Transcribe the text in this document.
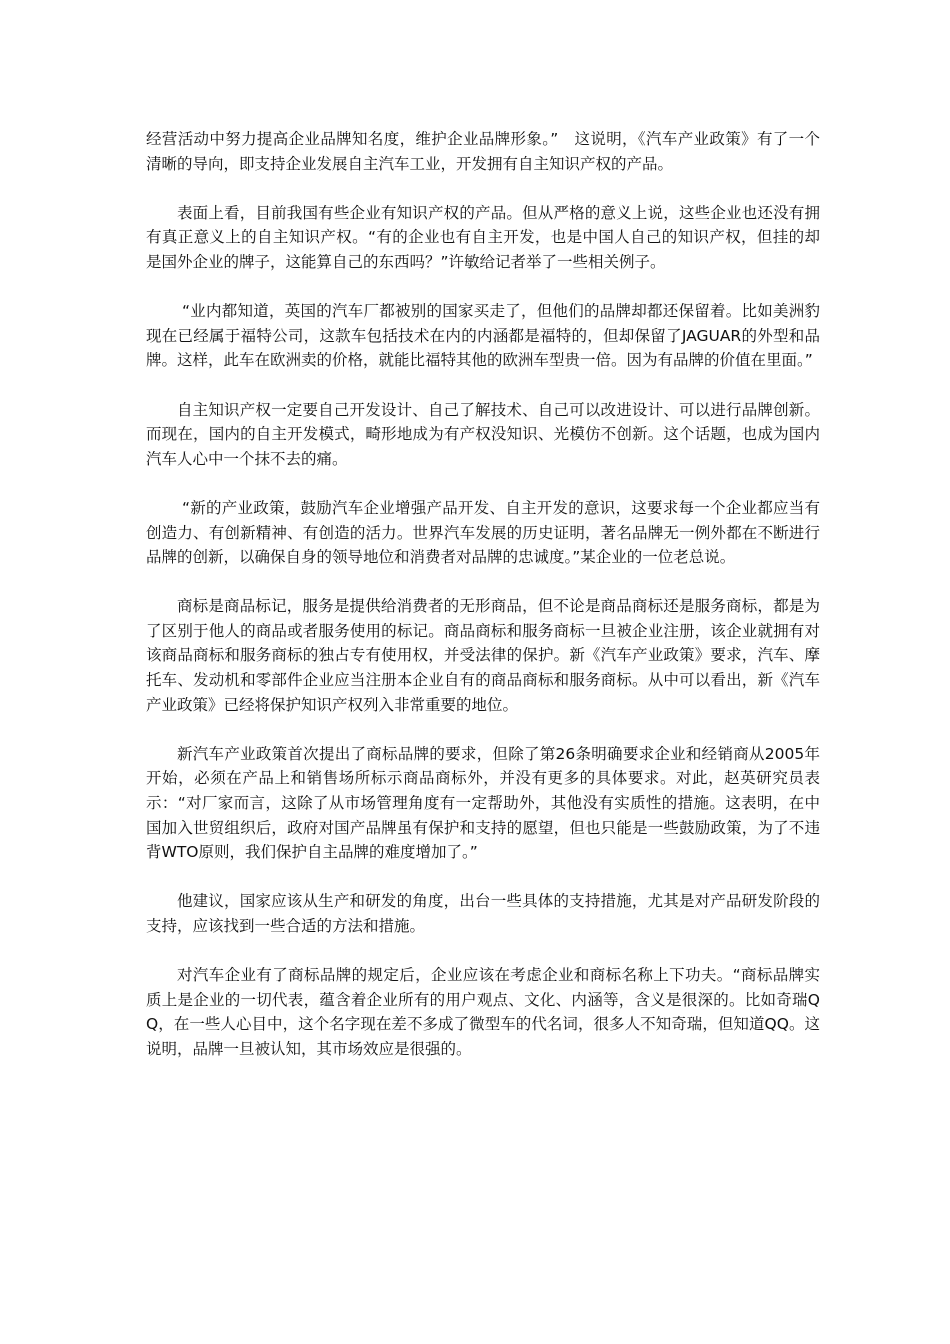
经营活动中努力提高企业品牌知名度，维护企业品牌形象。”　这说明，《汽车产业政策》有了一个清晰的导向，即支持企业发展自主汽车工业，开发拥有自主知识产权的产品。

表面上看，目前我国有些企业有知识产权的产品。但从严格的意义上说，这些企业也还没有拥有真正意义上的自主知识产权。“有的企业也有自主开发，也是中国人自己的知识产权，但挂的却是国外企业的牌子，这能算自己的东西吗？”许敏给记者举了一些相关例子。

“业内都知道，英国的汽车厂都被别的国家买走了，但他们的品牌却都还保留着。比如美洲豹现在已经属于福特公司，这款车包括技术在内的内涵都是福特的，但却保留了JAGUAR的外型和品牌。这样，此车在欧洲卖的价格，就能比福特其他的欧洲车型贵一倍。因为有品牌的价值在里面。”

自主知识产权一定要自己开发设计、自己了解技术、自己可以改进设计、可以进行品牌创新。而现在，国内的自主开发模式，畸形地成为有产权没知识、光模仿不创新。这个话题，也成为国内汽车人心中一个抹不去的痛。

“新的产业政策，鼓励汽车企业增强产品开发、自主开发的意识，这要求每一个企业都应当有创造力、有创新精神、有创造的活力。世界汽车发展的历史证明，著名品牌无一例外都在不断进行品牌的创新，以确保自身的领导地位和消费者对品牌的忠诚度。”某企业的一位老总说。

商标是商品标记，服务是提供给消费者的无形商品，但不论是商品商标还是服务商标，都是为了区别于他人的商品或者服务使用的标记。商品商标和服务商标一旦被企业注册，该企业就拥有对该商品商标和服务商标的独占专有使用权，并受法律的保护。新《汽车产业政策》要求，汽车、摩托车、发动机和零部件企业应当注册本企业自有的商品商标和服务商标。从中可以看出，新《汽车产业政策》已经将保护知识产权列入非常重要的地位。

新汽车产业政策首次提出了商标品牌的要求，但除了第26条明确要求企业和经销商从2005年开始，必须在产品上和销售场所标示商品商标外，并没有更多的具体要求。对此，赵英研究员表示：“对厂家而言，这除了从市场管理角度有一定帮助外，其他没有实质性的措施。这表明，在中国加入世贸组织后，政府对国产品牌虽有保护和支持的愿望，但也只能是一些鼓励政策，为了不违背WTO原则，我们保护自主品牌的难度增加了。”

他建议，国家应该从生产和研发的角度，出台一些具体的支持措施，尤其是对产品研发阶段的支持，应该找到一些合适的方法和措施。

对汽车企业有了商标品牌的规定后，企业应该在考虑企业和商标名称上下功夫。“商标品牌实质上是企业的一切代表，蕴含着企业所有的用户观点、文化、内涵等，含义是很深的。比如奇瑞QQ，在一些人心目中，这个名字现在差不多成了微型车的代名词，很多人不知奇瑞，但知道QQ。这说明，品牌一旦被认知，其市场效应是很强的。
